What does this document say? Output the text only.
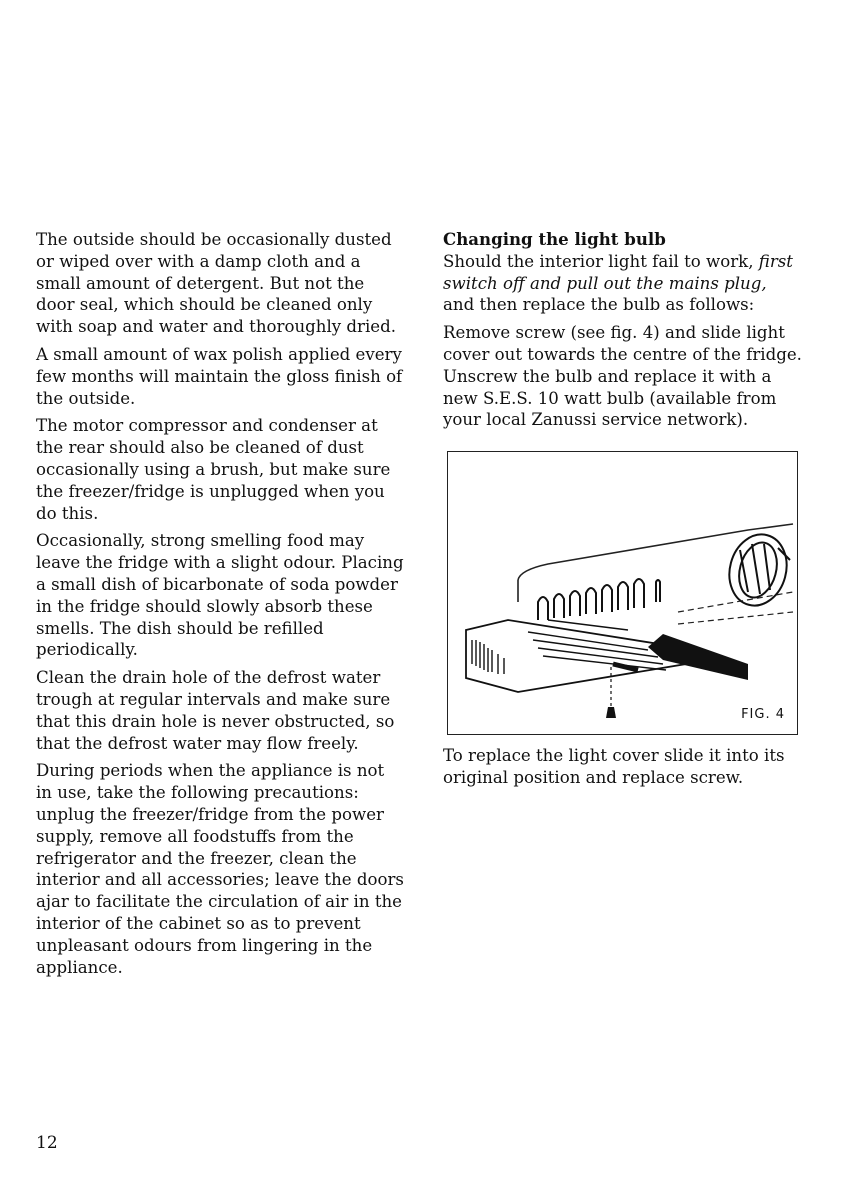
The outside should be occasionally dusted or wiped over with a damp cloth and a small amount of detergent. But not the door seal, which should be cleaned only with soap and water and thoroughly dried.

A small amount of wax polish applied every few months will maintain the gloss finish of the outside.

The motor compressor and condenser at the rear should also be cleaned of dust occasionally using a brush, but make sure the freezer/fridge is unplugged when you do this.

Occasionally, strong smelling food may leave the fridge with a slight odour. Placing a small dish of bicarbonate of soda powder in the fridge should slowly absorb these smells. The dish should be refilled periodically.

Clean the drain hole of the defrost water trough at regular intervals and make sure that this drain hole is never obstructed, so that the defrost water may flow freely.

During periods when the appliance is not in use, take the following precautions: unplug the freezer/fridge from the power supply, remove all foodstuffs from the refrigerator and the freezer, clean the interior and all accessories; leave the doors ajar to facilitate the circulation of air in the interior of the cabinet so as to prevent unpleasant odours from lingering in the appliance.

Changing the light bulb
Should the interior light fail to work, first switch off and pull out the mains plug, and then replace the bulb as follows:

Remove screw (see fig. 4) and slide light cover out towards the centre of the fridge. Unscrew the bulb and replace it with a new S.E.S. 10 watt bulb (available from your local Zanussi service network).

FIG. 4

To replace the light cover slide it into its original position and replace screw.

12
